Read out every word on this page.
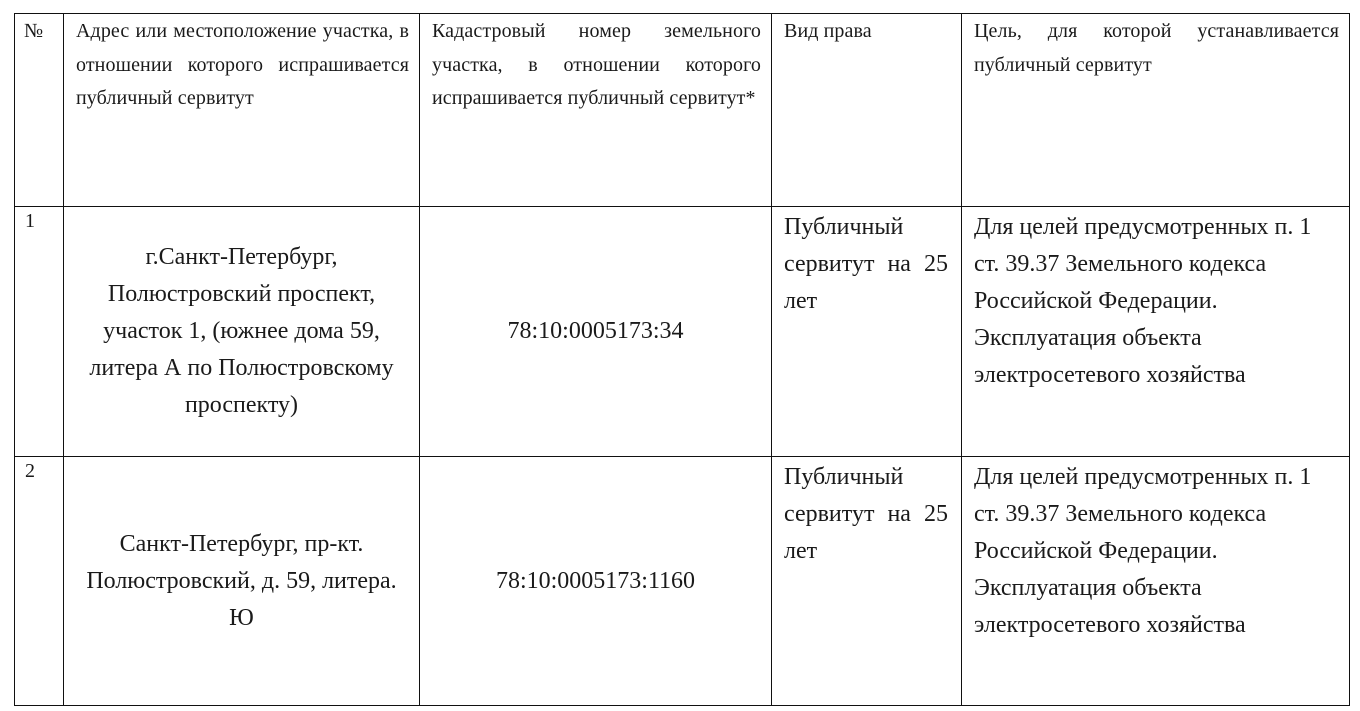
№	Адрес или местоположение участка, в отношении которого испрашивается публичный сервитут	Кадастровый номер земельного участка, в отношении которого испрашивается публичный сервитут*	Вид права	Цель, для которой устанавливается публичный сервитут
1	г.Санкт-Петербург, Полюстровский проспект, участок 1, (южнее дома 59, литера А по Полюстровскому проспекту)	78:10:0005173:34	Публичный сервитут на 25 лет	Для целей предусмотренных п. 1 ст. 39.37 Земельного кодекса Российской Федерации. Эксплуатация объекта электросетевого хозяйства
2	Санкт-Петербург, пр-кт. Полюстровский, д. 59, литера. Ю	78:10:0005173:1160	Публичный сервитут на 25 лет	Для целей предусмотренных п. 1 ст. 39.37 Земельного кодекса Российской Федерации. Эксплуатация объекта электросетевого хозяйства
